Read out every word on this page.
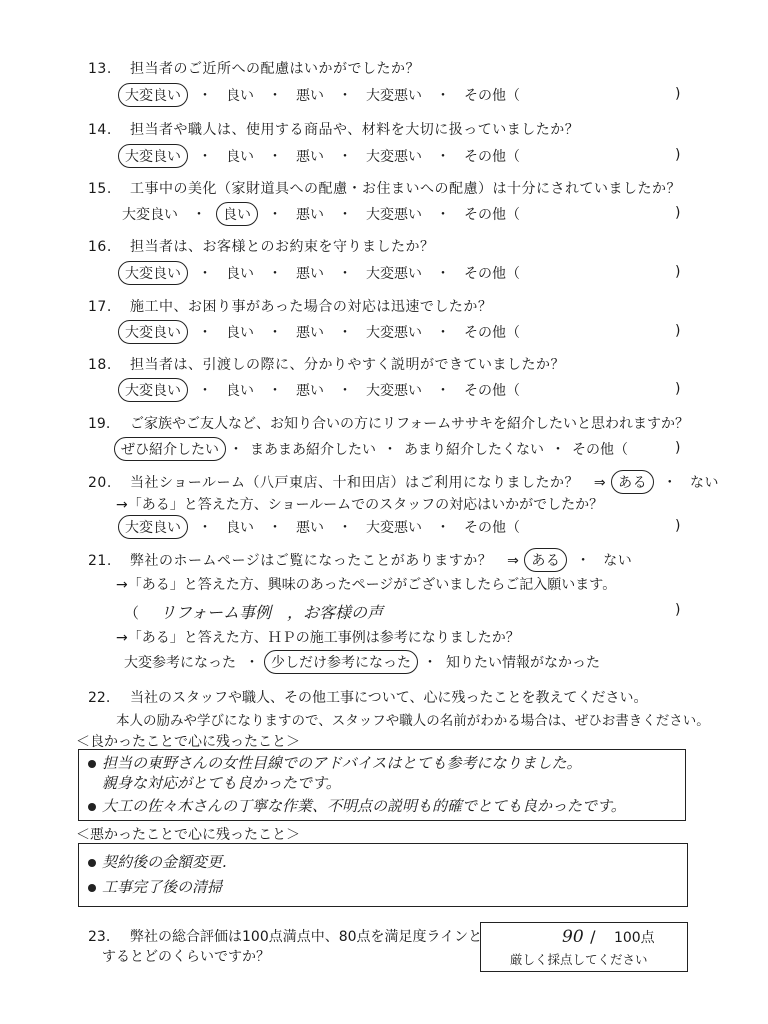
13. 担当者のご近所への配慮はいかがでしたか？
大変良い	・	良い	・	悪い	・	大変悪い	・	その他（	)
14. 担当者や職人は、使用する商品や、材料を大切に扱っていましたか？
大変良い	・	良い	・	悪い	・	大変悪い	・	その他（	)
15. 工事中の美化（家財道具への配慮・お住まいへの配慮）は十分にされていましたか？
大変良い	・	良い	・	悪い	・	大変悪い	・	その他（	)
16. 担当者は、お客様とのお約束を守りましたか？
大変良い	・	良い	・	悪い	・	大変悪い	・	その他（	)
17. 施工中、お困り事があった場合の対応は迅速でしたか？
大変良い	・	良い	・	悪い	・	大変悪い	・	その他（	)
18. 担当者は、引渡しの際に、分かりやすく説明ができていましたか？
大変良い	・	良い	・	悪い	・	大変悪い	・	その他（	)
19. ご家族やご友人など、お知り合いの方にリフォームササキを紹介したいと思われますか？
ぜひ紹介したい ・ まあまあ紹介したい ・ あまり紹介したくない ・ その他（	)
20. 当社ショールーム（八戸東店、十和田店）はご利用になりましたか？ ⇒ ある ・ ない
→「ある」と答えた方、ショールームでのスタッフの対応はいかがでしたか？
大変良い	・	良い	・	悪い	・	大変悪い	・	その他（	)
21. 弊社のホームページはご覧になったことがありますか？ ⇒ ある ・ ない
→「ある」と答えた方、興味のあったページがございましたらご記入願います。
（ リフォーム事例　，お客様の声	)
→「ある」と答えた方、ＨＰの施工事例は参考になりましたか？
大変参考になった ・ 少しだけ参考になった ・ 知りたい情報がなかった
22. 当社のスタッフや職人、その他工事について、心に残ったことを教えてください。
本人の励みや学びになりますので、スタッフや職人の名前がわかる場合は、ぜひお書きください。
＜良かったことで心に残ったこと＞
担当の東野さんの女性目線でのアドバイスはとても参考になりました。
親身な対応がとても良かったです。
大工の佐々木さんの丁寧な作業、不明点の説明も的確でとても良かったです。
＜悪かったことで心に残ったこと＞
契約後の金額変更.
工事完了後の清掃
23. 弊社の総合評価は100点満点中、80点を満足度ラインと
するとどのくらいですか？
90 / 100点
厳しく採点してください
